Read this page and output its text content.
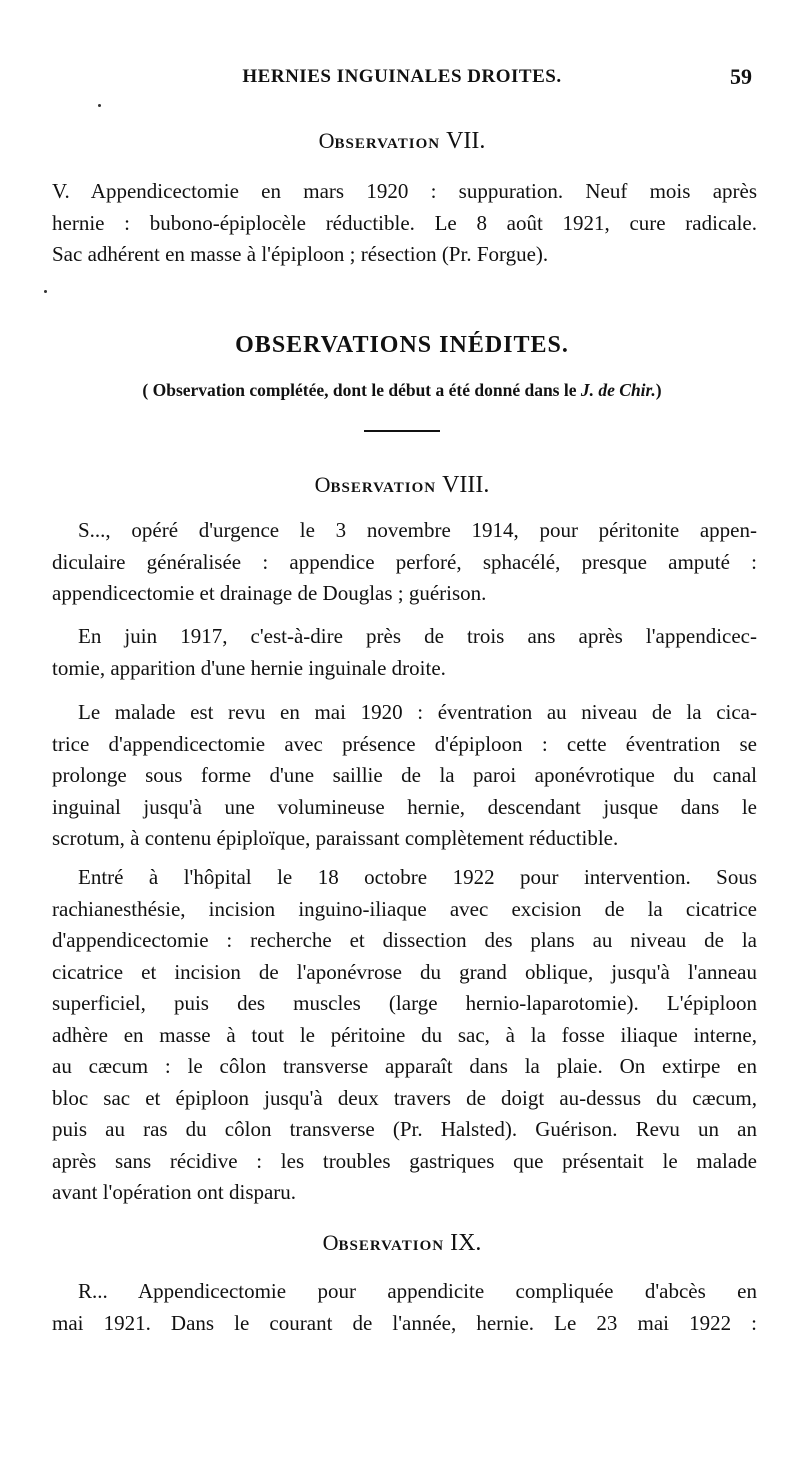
HERNIES INGUINALES DROITES.	59
OBSERVATION VII.
V. Appendicectomie en mars 1920 : suppuration. Neuf mois après
hernie : bubono-épiplocèle réductible. Le 8 août 1921, cure radicale.
Sac adhérent en masse à l'épiploon ; résection (Pr. Forgue).
OBSERVATIONS INÉDITES.
( Observation complétée, dont le début a été donné dans le J. de Chir.)
OBSERVATION VIII.
S..., opéré d'urgence le 3 novembre 1914, pour péritonite appen-
diculaire généralisée : appendice perforé, sphacélé, presque amputé :
appendicectomie et drainage de Douglas ; guérison.
En juin 1917, c'est-à-dire près de trois ans après l'appendicec-
tomie, apparition d'une hernie inguinale droite.
Le malade est revu en mai 1920 : éventration au niveau de la cica-
trice d'appendicectomie avec présence d'épiploon : cette éventration se
prolonge sous forme d'une saillie de la paroi aponévrotique du canal
inguinal jusqu'à une volumineuse hernie, descendant jusque dans le
scrotum, à contenu épiploïque, paraissant complètement réductible.
Entré à l'hôpital le 18 octobre 1922 pour intervention. Sous
rachianesthésie, incision inguino-iliaque avec excision de la cicatrice
d'appendicectomie : recherche et dissection des plans au niveau de la
cicatrice et incision de l'aponévrose du grand oblique, jusqu'à l'anneau
superficiel, puis des muscles (large hernio-laparotomie). L'épiploon
adhère en masse à tout le péritoine du sac, à la fosse iliaque interne,
au cæcum : le côlon transverse apparaît dans la plaie. On extirpe en
bloc sac et épiploon jusqu'à deux travers de doigt au-dessus du cæcum,
puis au ras du côlon transverse (Pr. Halsted). Guérison. Revu un an
après sans récidive : les troubles gastriques que présentait le malade
avant l'opération ont disparu.
OBSERVATION IX.
R... Appendicectomie pour appendicite compliquée d'abcès en
mai 1921. Dans le courant de l'année, hernie. Le 23 mai 1922 :
